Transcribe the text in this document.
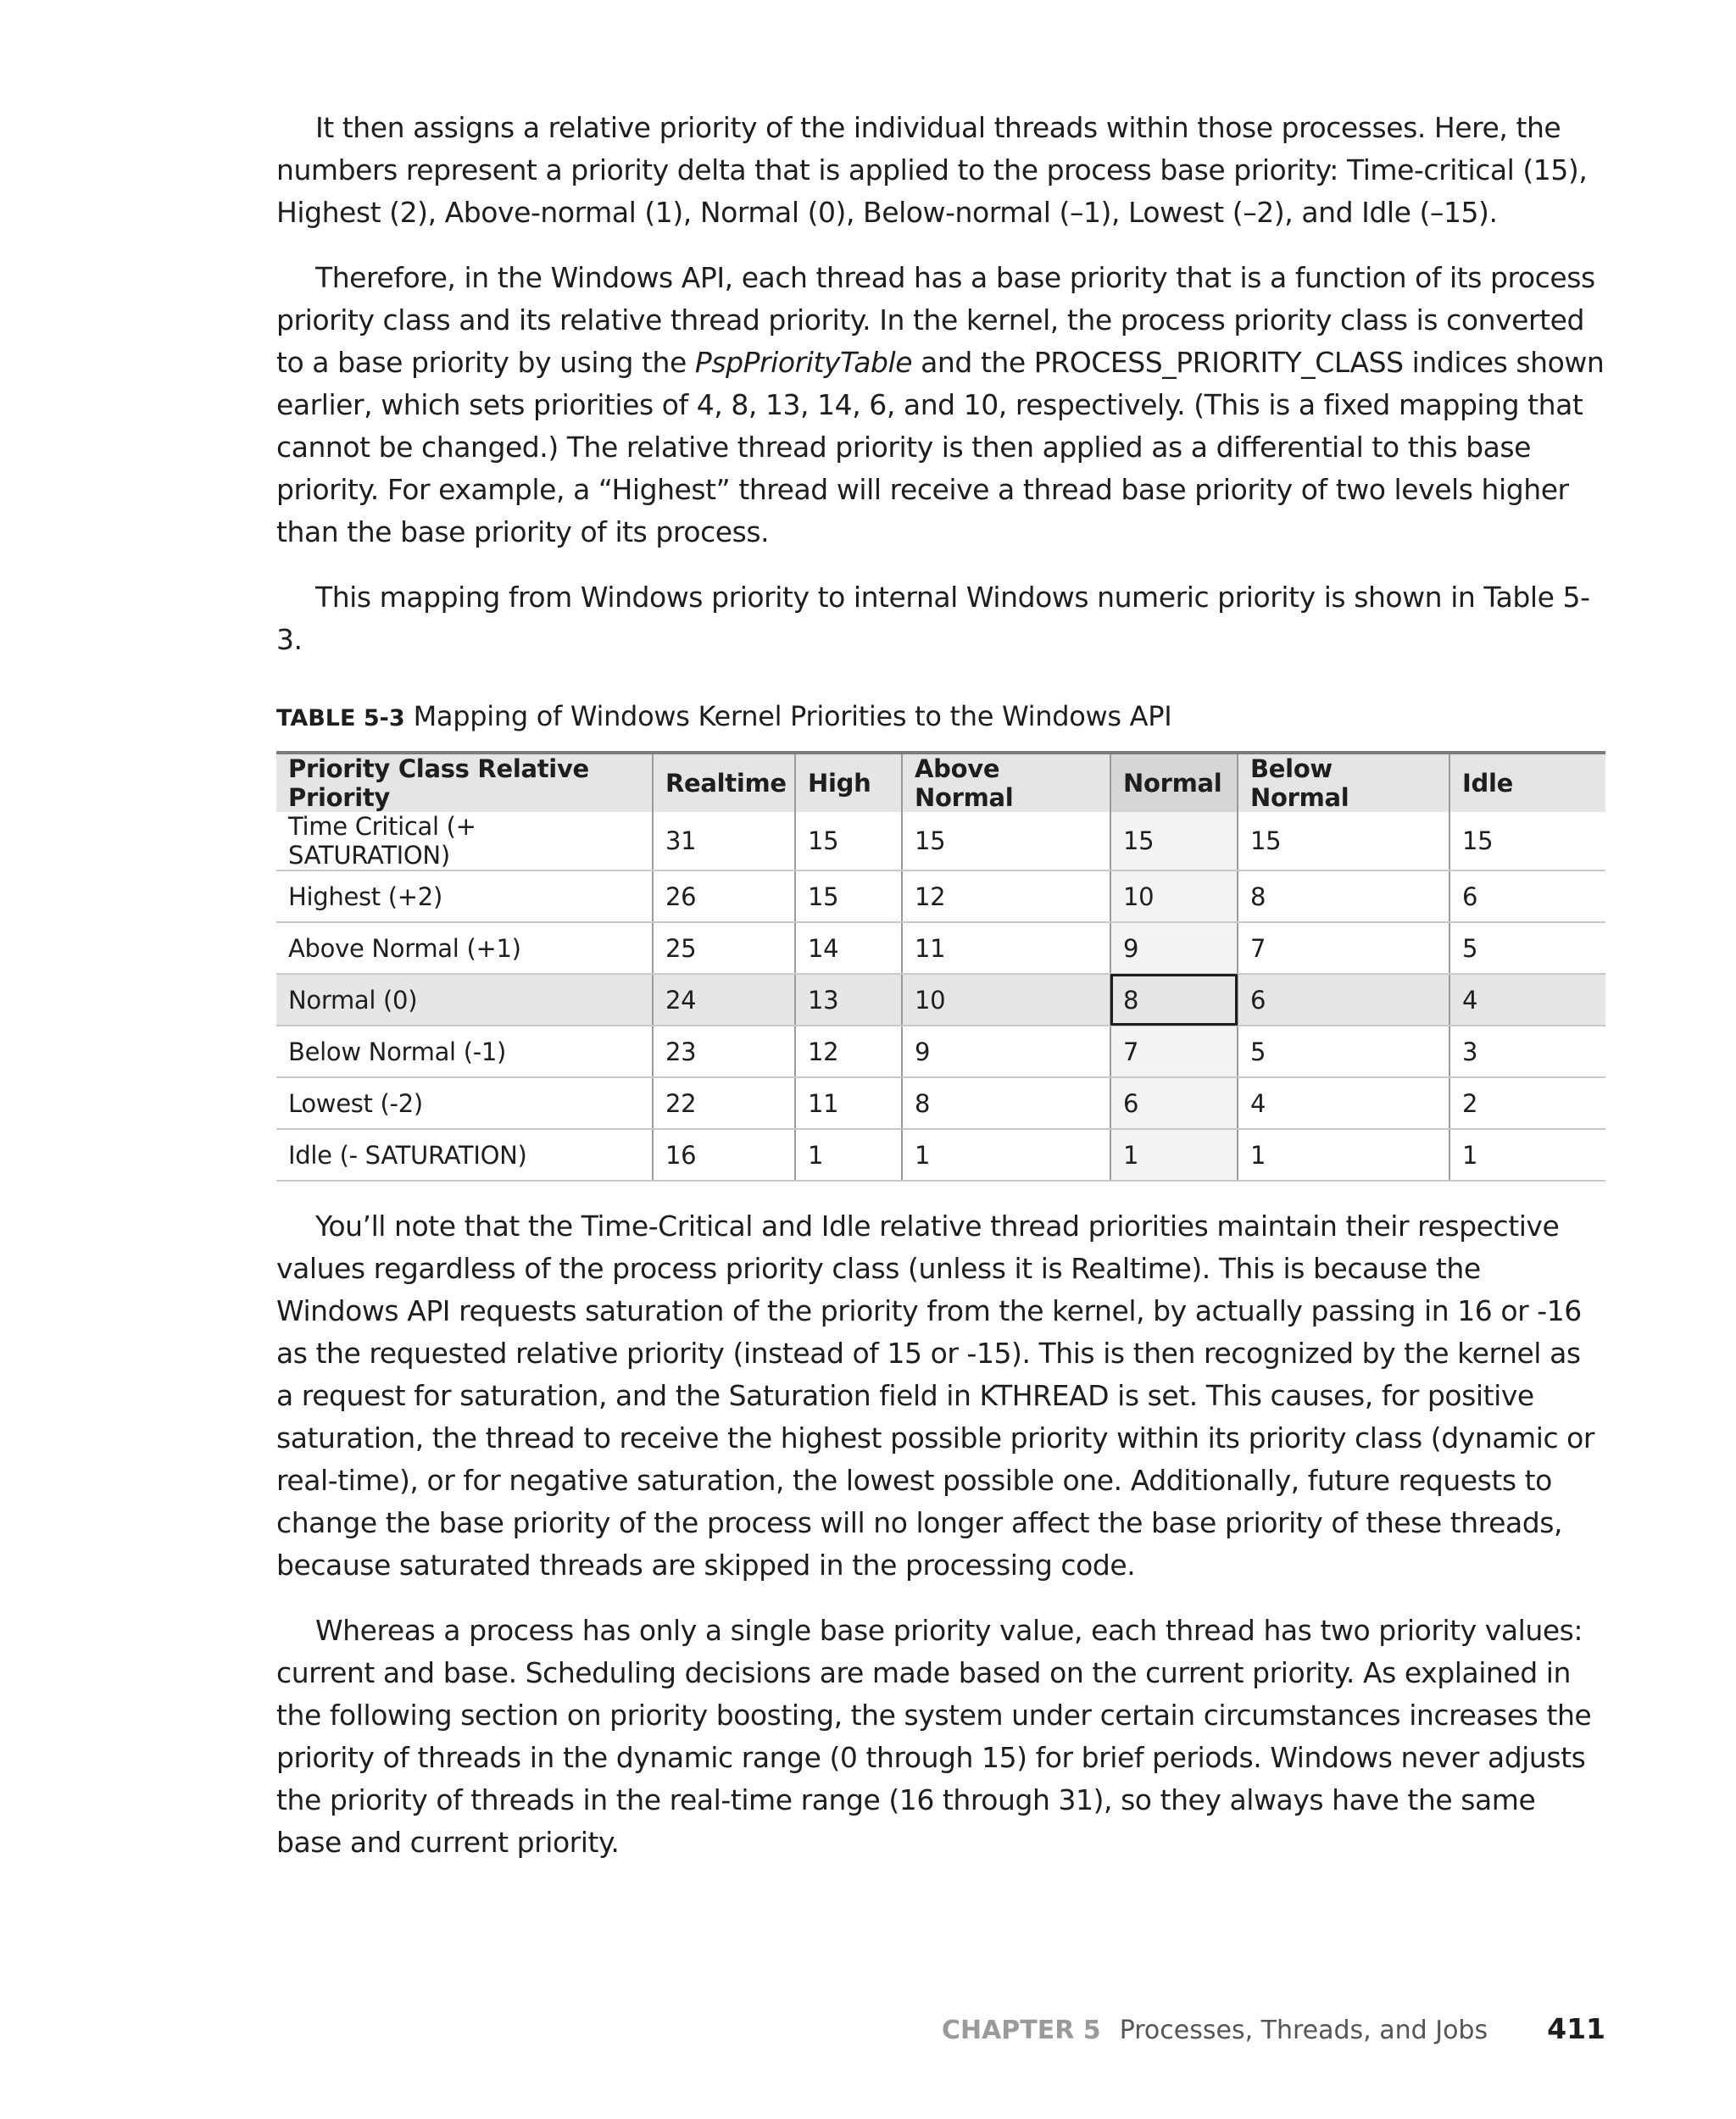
It then assigns a relative priority of the individual threads within those processes. Here, the numbers represent a priority delta that is applied to the process base priority: Time-critical (15), Highest (2), Above-normal (1), Normal (0), Below-normal (–1), Lowest (–2), and Idle (–15).

Therefore, in the Windows API, each thread has a base priority that is a function of its process priority class and its relative thread priority. In the kernel, the process priority class is converted to a base priority by using the PspPriorityTable and the PROCESS_PRIORITY_CLASS indices shown earlier, which sets priorities of 4, 8, 13, 14, 6, and 10, respectively. (This is a fixed mapping that cannot be changed.) The relative thread priority is then applied as a differential to this base priority. For example, a “Highest” thread will receive a thread base priority of two levels higher than the base priority of its process.

This mapping from Windows priority to internal Windows numeric priority is shown in Table 5-3.

TABLE 5-3 Mapping of Windows Kernel Priorities to the Windows API
Priority Class Relative Priority	Realtime	High	Above Normal	Normal	Below Normal	Idle
Time Critical (+ SATURATION)	31	15	15	15	15	15
Highest (+2)	26	15	12	10	8	6
Above Normal (+1)	25	14	11	9	7	5
Normal (0)	24	13	10	8	6	4
Below Normal (-1)	23	12	9	7	5	3
Lowest (-2)	22	11	8	6	4	2
Idle (- SATURATION)	16	1	1	1	1	1

You’ll note that the Time-Critical and Idle relative thread priorities maintain their respective values regardless of the process priority class (unless it is Realtime). This is because the Windows API requests saturation of the priority from the kernel, by actually passing in 16 or -16 as the requested relative priority (instead of 15 or -15). This is then recognized by the kernel as a request for saturation, and the Saturation field in KTHREAD is set. This causes, for positive saturation, the thread to receive the highest possible priority within its priority class (dynamic or real-time), or for negative saturation, the lowest possible one. Additionally, future requests to change the base priority of the process will no longer affect the base priority of these threads, because saturated threads are skipped in the processing code.

Whereas a process has only a single base priority value, each thread has two priority values: current and base. Scheduling decisions are made based on the current priority. As explained in the following section on priority boosting, the system under certain circumstances increases the priority of threads in the dynamic range (0 through 15) for brief periods. Windows never adjusts the priority of threads in the real-time range (16 through 31), so they always have the same base and current priority.

CHAPTER 5 Processes, Threads, and Jobs 411
